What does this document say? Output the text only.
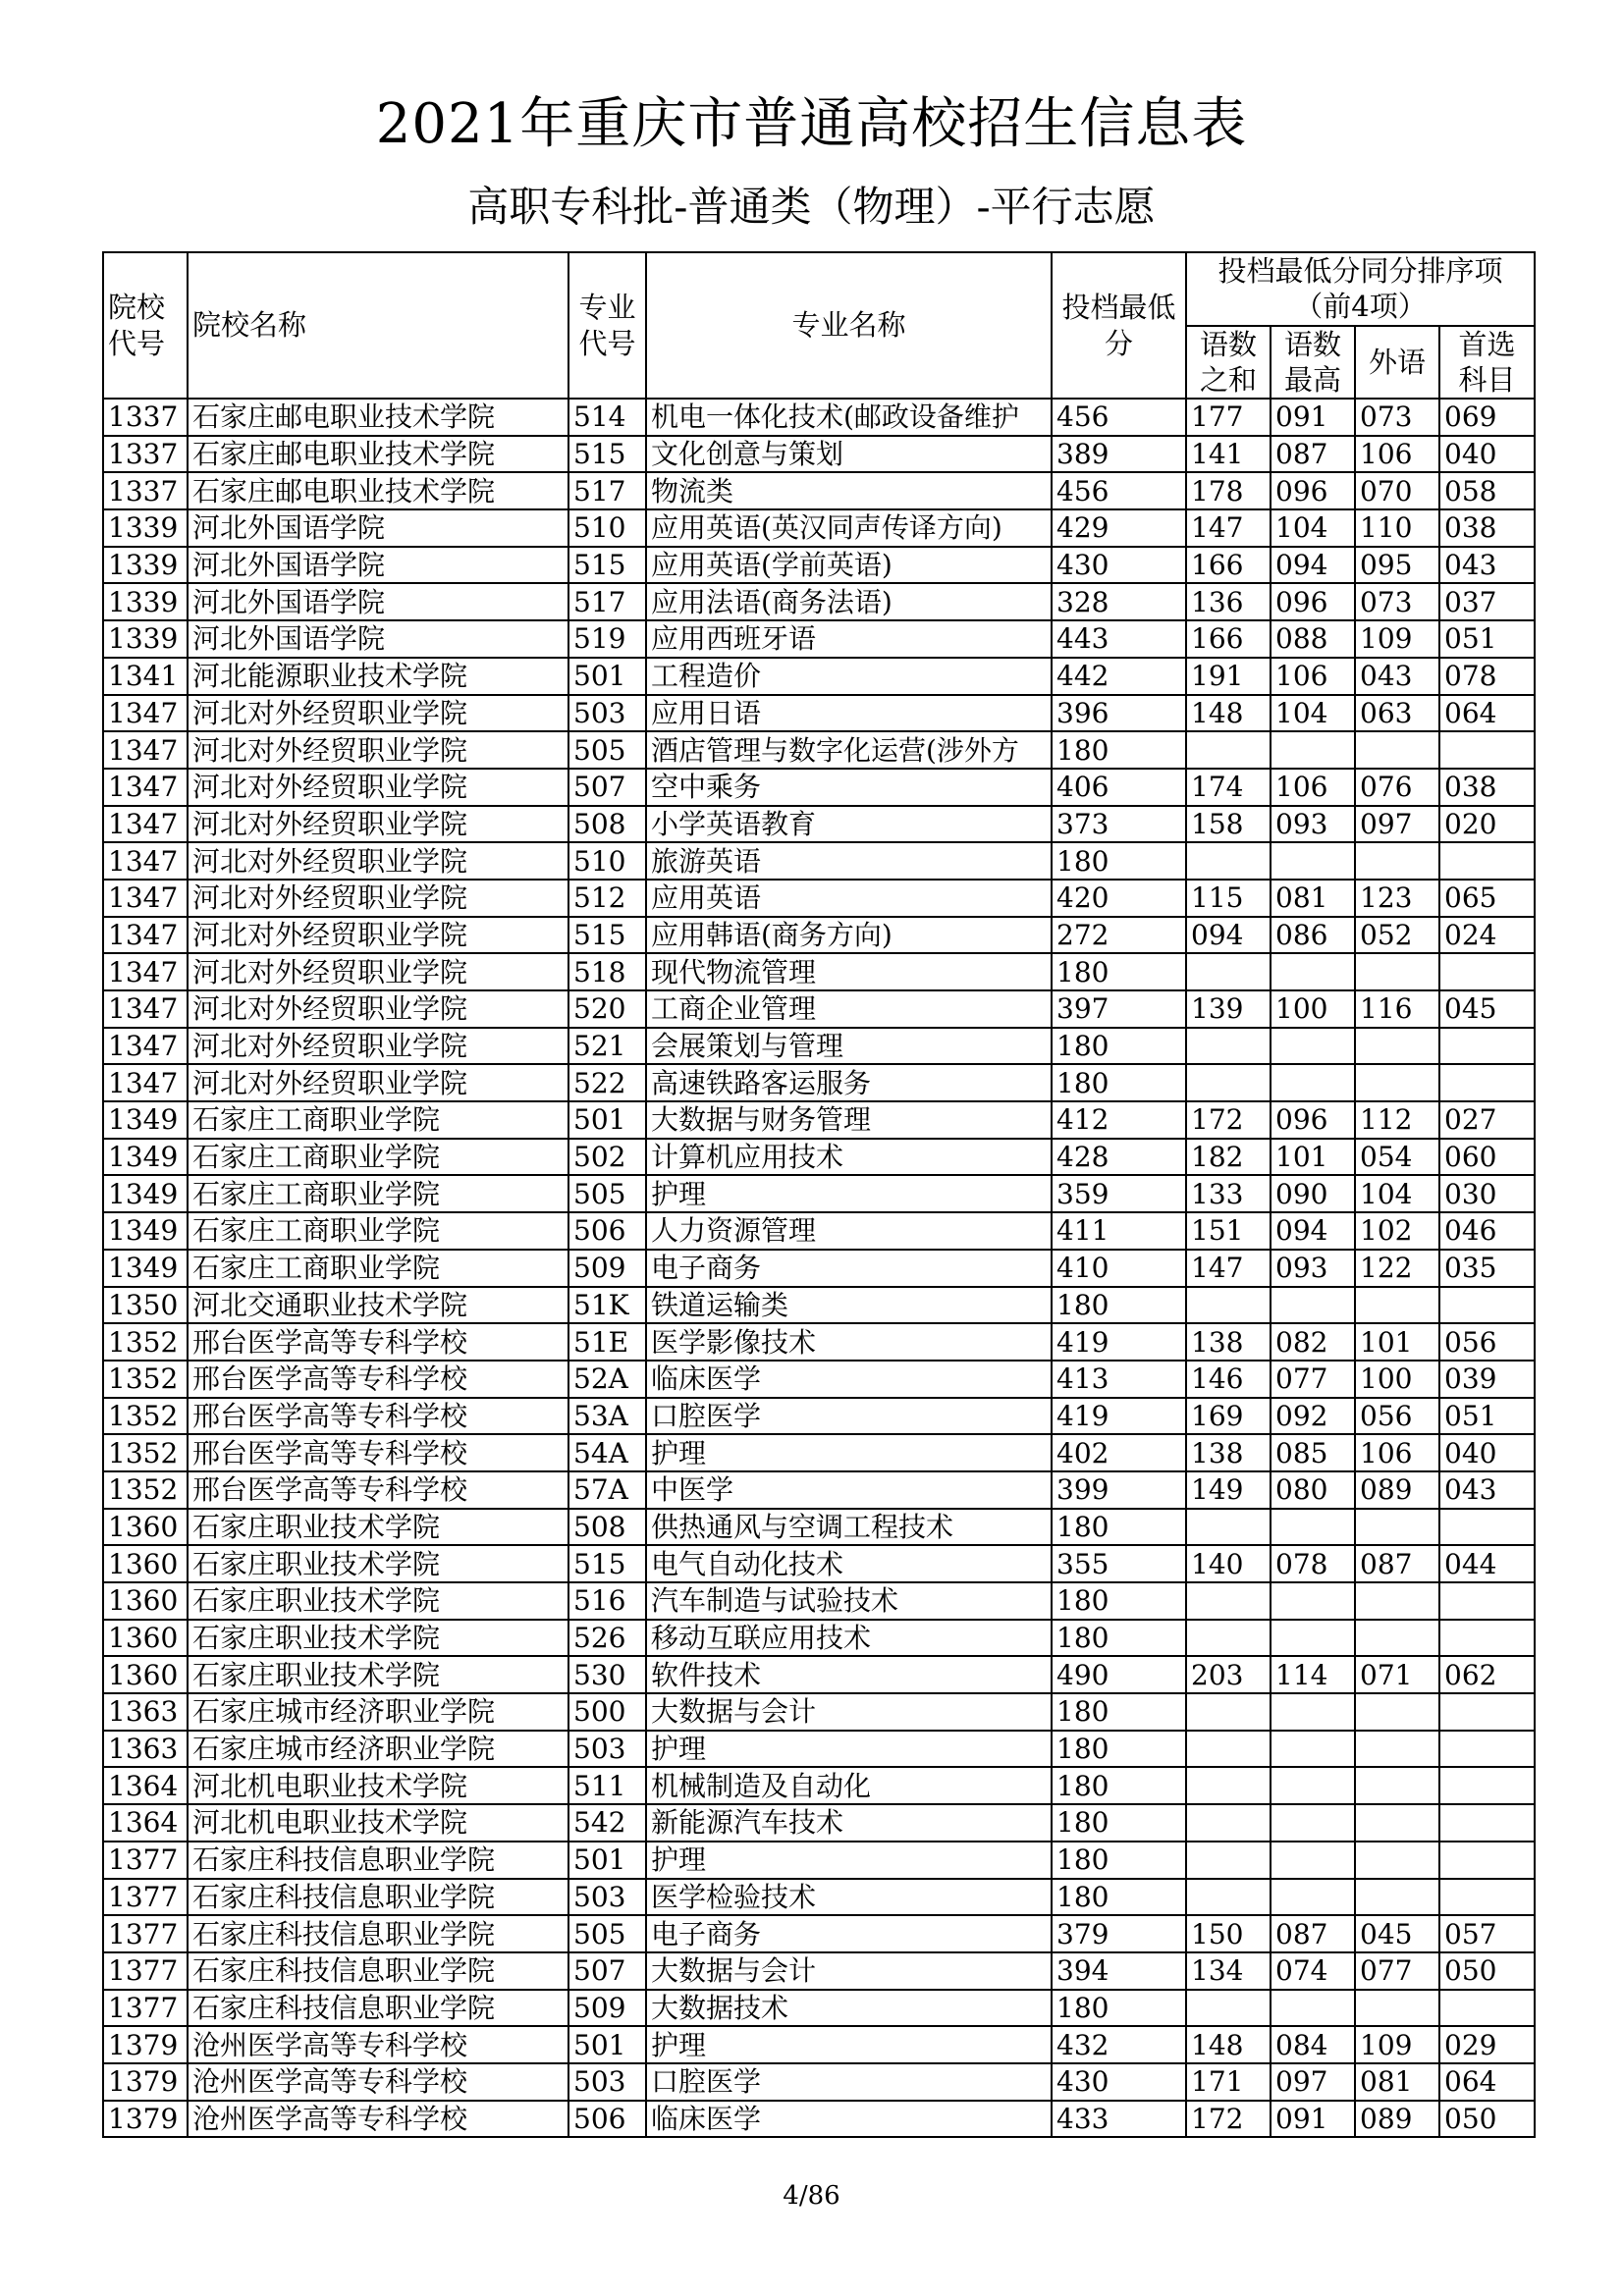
2021年重庆市普通高校招生信息表
高职专科批-普通类（物理）-平行志愿
院校代号	院校名称	专业代号	专业名称	投档最低分	投档最低分同分排序项（前4项）			
					语数之和	语数最高	外语	首选科目
1337	石家庄邮电职业技术学院	514	机电一体化技术(邮政设备维护	456	177	091	073	069
1337	石家庄邮电职业技术学院	515	文化创意与策划	389	141	087	106	040
1337	石家庄邮电职业技术学院	517	物流类	456	178	096	070	058
1339	河北外国语学院	510	应用英语(英汉同声传译方向)	429	147	104	110	038
1339	河北外国语学院	515	应用英语(学前英语)	430	166	094	095	043
1339	河北外国语学院	517	应用法语(商务法语)	328	136	096	073	037
1339	河北外国语学院	519	应用西班牙语	443	166	088	109	051
1341	河北能源职业技术学院	501	工程造价	442	191	106	043	078
1347	河北对外经贸职业学院	503	应用日语	396	148	104	063	064
1347	河北对外经贸职业学院	505	酒店管理与数字化运营(涉外方	180				
1347	河北对外经贸职业学院	507	空中乘务	406	174	106	076	038
1347	河北对外经贸职业学院	508	小学英语教育	373	158	093	097	020
1347	河北对外经贸职业学院	510	旅游英语	180				
1347	河北对外经贸职业学院	512	应用英语	420	115	081	123	065
1347	河北对外经贸职业学院	515	应用韩语(商务方向)	272	094	086	052	024
1347	河北对外经贸职业学院	518	现代物流管理	180				
1347	河北对外经贸职业学院	520	工商企业管理	397	139	100	116	045
1347	河北对外经贸职业学院	521	会展策划与管理	180				
1347	河北对外经贸职业学院	522	高速铁路客运服务	180				
1349	石家庄工商职业学院	501	大数据与财务管理	412	172	096	112	027
1349	石家庄工商职业学院	502	计算机应用技术	428	182	101	054	060
1349	石家庄工商职业学院	505	护理	359	133	090	104	030
1349	石家庄工商职业学院	506	人力资源管理	411	151	094	102	046
1349	石家庄工商职业学院	509	电子商务	410	147	093	122	035
1350	河北交通职业技术学院	51K	铁道运输类	180				
1352	邢台医学高等专科学校	51E	医学影像技术	419	138	082	101	056
1352	邢台医学高等专科学校	52A	临床医学	413	146	077	100	039
1352	邢台医学高等专科学校	53A	口腔医学	419	169	092	056	051
1352	邢台医学高等专科学校	54A	护理	402	138	085	106	040
1352	邢台医学高等专科学校	57A	中医学	399	149	080	089	043
1360	石家庄职业技术学院	508	供热通风与空调工程技术	180				
1360	石家庄职业技术学院	515	电气自动化技术	355	140	078	087	044
1360	石家庄职业技术学院	516	汽车制造与试验技术	180				
1360	石家庄职业技术学院	526	移动互联应用技术	180				
1360	石家庄职业技术学院	530	软件技术	490	203	114	071	062
1363	石家庄城市经济职业学院	500	大数据与会计	180				
1363	石家庄城市经济职业学院	503	护理	180				
1364	河北机电职业技术学院	511	机械制造及自动化	180				
1364	河北机电职业技术学院	542	新能源汽车技术	180				
1377	石家庄科技信息职业学院	501	护理	180				
1377	石家庄科技信息职业学院	503	医学检验技术	180				
1377	石家庄科技信息职业学院	505	电子商务	379	150	087	045	057
1377	石家庄科技信息职业学院	507	大数据与会计	394	134	074	077	050
1377	石家庄科技信息职业学院	509	大数据技术	180				
1379	沧州医学高等专科学校	501	护理	432	148	084	109	029
1379	沧州医学高等专科学校	503	口腔医学	430	171	097	081	064
1379	沧州医学高等专科学校	506	临床医学	433	172	091	089	050
4/86
